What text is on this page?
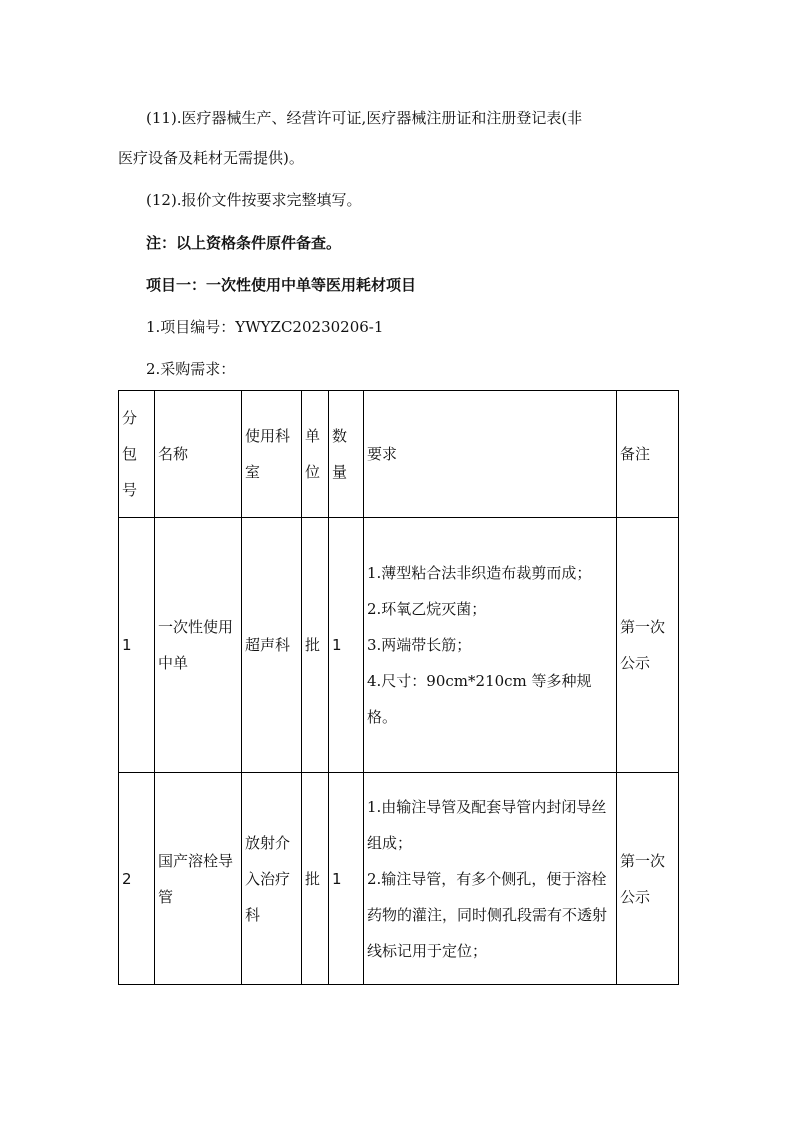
(11).医疗器械生产、经营许可证,医疗器械注册证和注册登记表(非
医疗设备及耗材无需提供)。
(12).报价文件按要求完整填写。
注：以上资格条件原件备查。
项目一：一次性使用中单等医用耗材项目
1.项目编号：YWYZC20230206-1
2.采购需求：
分包号	名称	使用科室	单位	数量	要求	备注
1	一次性使用中单	超声科	批	1	1.薄型粘合法非织造布裁剪而成；
2.环氧乙烷灭菌；
3.两端带长筋；
4.尺寸：90cm*210cm 等多种规格。	第一次公示
2	国产溶栓导管	放射介入治疗科	批	1	1.由输注导管及配套导管内封闭导丝组成；
2.输注导管，有多个侧孔，便于溶栓药物的灌注，同时侧孔段需有不透射线标记用于定位；	第一次公示
